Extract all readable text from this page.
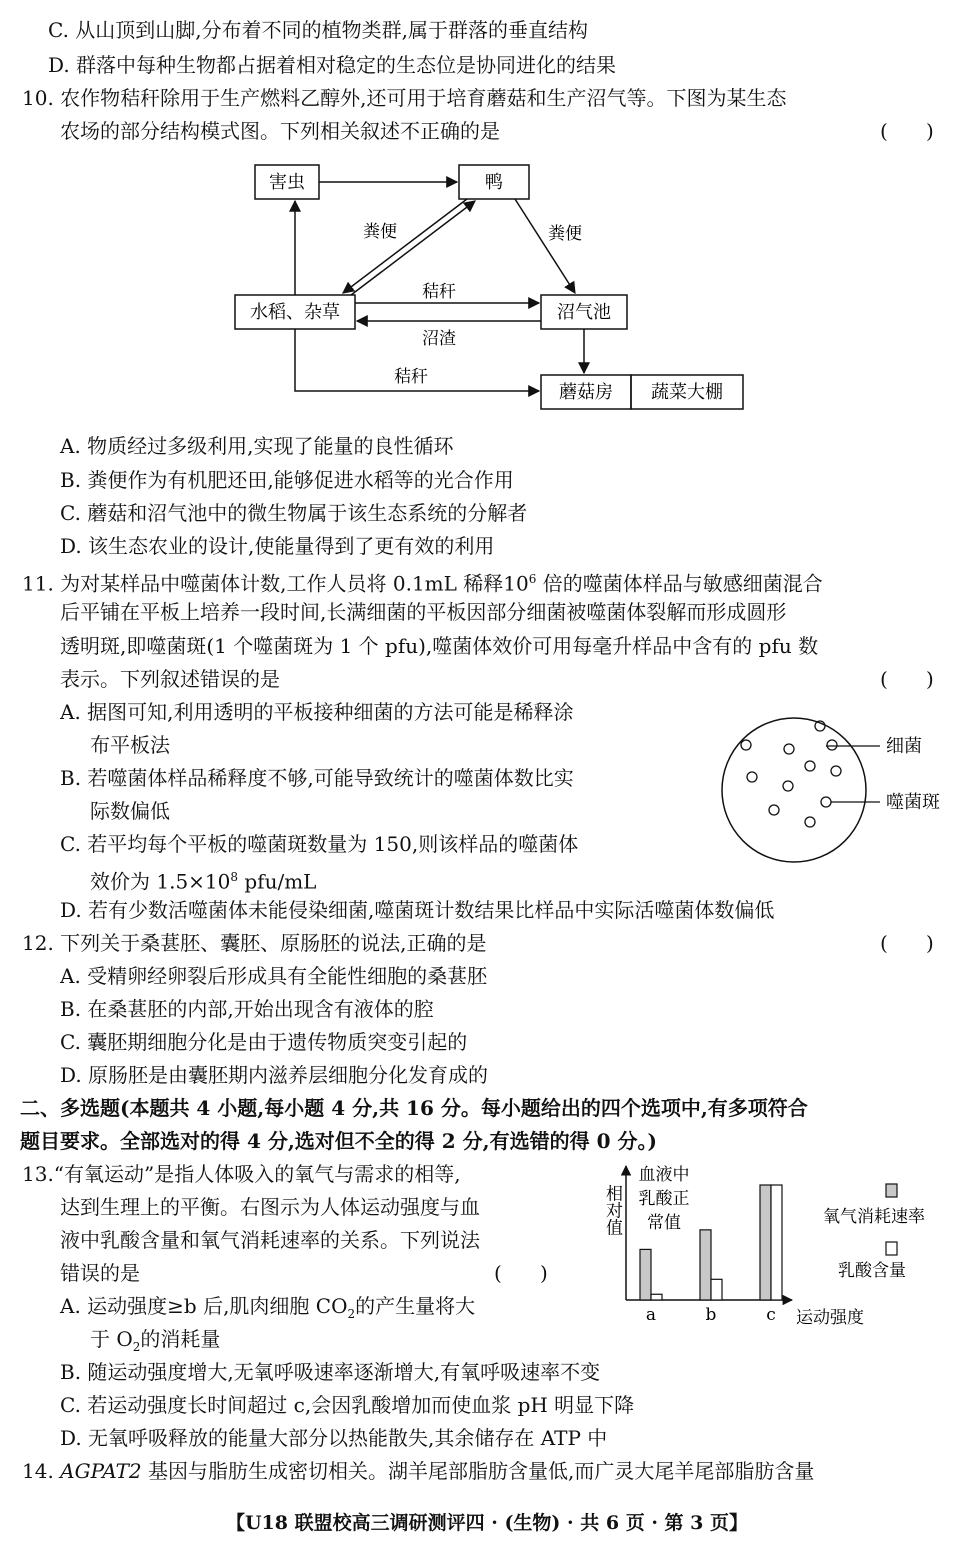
C. 从山顶到山脚,分布着不同的植物类群,属于群落的垂直结构
D. 群落中每种生物都占据着相对稳定的生态位是协同进化的结果
10. 农作物秸秆除用于生产燃料乙醇外,还可用于培育蘑菇和生产沼气等。下图为某生态
农场的部分结构模式图。下列相关叙述不正确的是	(      )
害虫	鸭
水稻、杂草	沼气池
蘑菇房 蔬菜大棚
粪便	粪便
秸秆
沼渣
秸秆
A. 物质经过多级利用,实现了能量的良性循环
B. 粪便作为有机肥还田,能够促进水稻等的光合作用
C. 蘑菇和沼气池中的微生物属于该生态系统的分解者
D. 该生态农业的设计,使能量得到了更有效的利用
11. 为对某样品中噬菌体计数,工作人员将 0.1mL 稀释$10^6$ 倍的噬菌体样品与敏感细菌混合
后平铺在平板上培养一段时间,长满细菌的平板因部分细菌被噬菌体裂解而形成圆形
透明斑,即噬菌斑(1 个噬菌斑为 1 个 pfu),噬菌体效价可用每毫升样品中含有的 pfu 数
表示。下列叙述错误的是	(      )
A. 据图可知,利用透明的平板接种细菌的方法可能是稀释涂
布平板法
B. 若噬菌体样品稀释度不够,可能导致统计的噬菌体数比实
际数偏低
C. 若平均每个平板的噬菌斑数量为 150,则该样品的噬菌体
效价为 $1.5\times 10^8$ pfu/mL
D. 若有少数活噬菌体未能侵染细菌,噬菌斑计数结果比样品中实际活噬菌体数偏低
细菌
噬菌斑
12. 下列关于桑葚胚、囊胚、原肠胚的说法,正确的是	(      )
A. 受精卵经卵裂后形成具有全能性细胞的桑葚胚
B. 在桑葚胚的内部,开始出现含有液体的腔
C. 囊胚期细胞分化是由于遗传物质突变引起的
D. 原肠胚是由囊胚期内滋养层细胞分化发育成的
二、多选题(本题共 4 小题,每小题 4 分,共 16 分。每小题给出的四个选项中,有多项符合
题目要求。全部选对的得 4 分,选对但不全的得 2 分,有选错的得 0 分。)
13.“有氧运动”是指人体吸入的氧气与需求的相等,
达到生理上的平衡。右图示为人体运动强度与血
液中乳酸含量和氧气消耗速率的关系。下列说法
错误的是	(      )
A. 运动强度≥b 后,肌肉细胞 $CO_2$的产生量将大
于 $O_2$的消耗量
B. 随运动强度增大,无氧呼吸速率逐渐增大,有氧呼吸速率不变
C. 若运动强度长时间超过 c,会因乳酸增加而使血浆 pH 明显下降
D. 无氧呼吸释放的能量大部分以热能散失,其余储存在 ATP 中
相对值
运动强度
血液中
乳酸正
常值
a	b	c
氧气消耗速率
乳酸含量
14. AGPAT2 基因与脂肪生成密切相关。湖羊尾部脂肪含量低,而广灵大尾羊尾部脂肪含量
【U18 联盟校高三调研测评四 · (生物) · 共 6 页 · 第 3 页】
